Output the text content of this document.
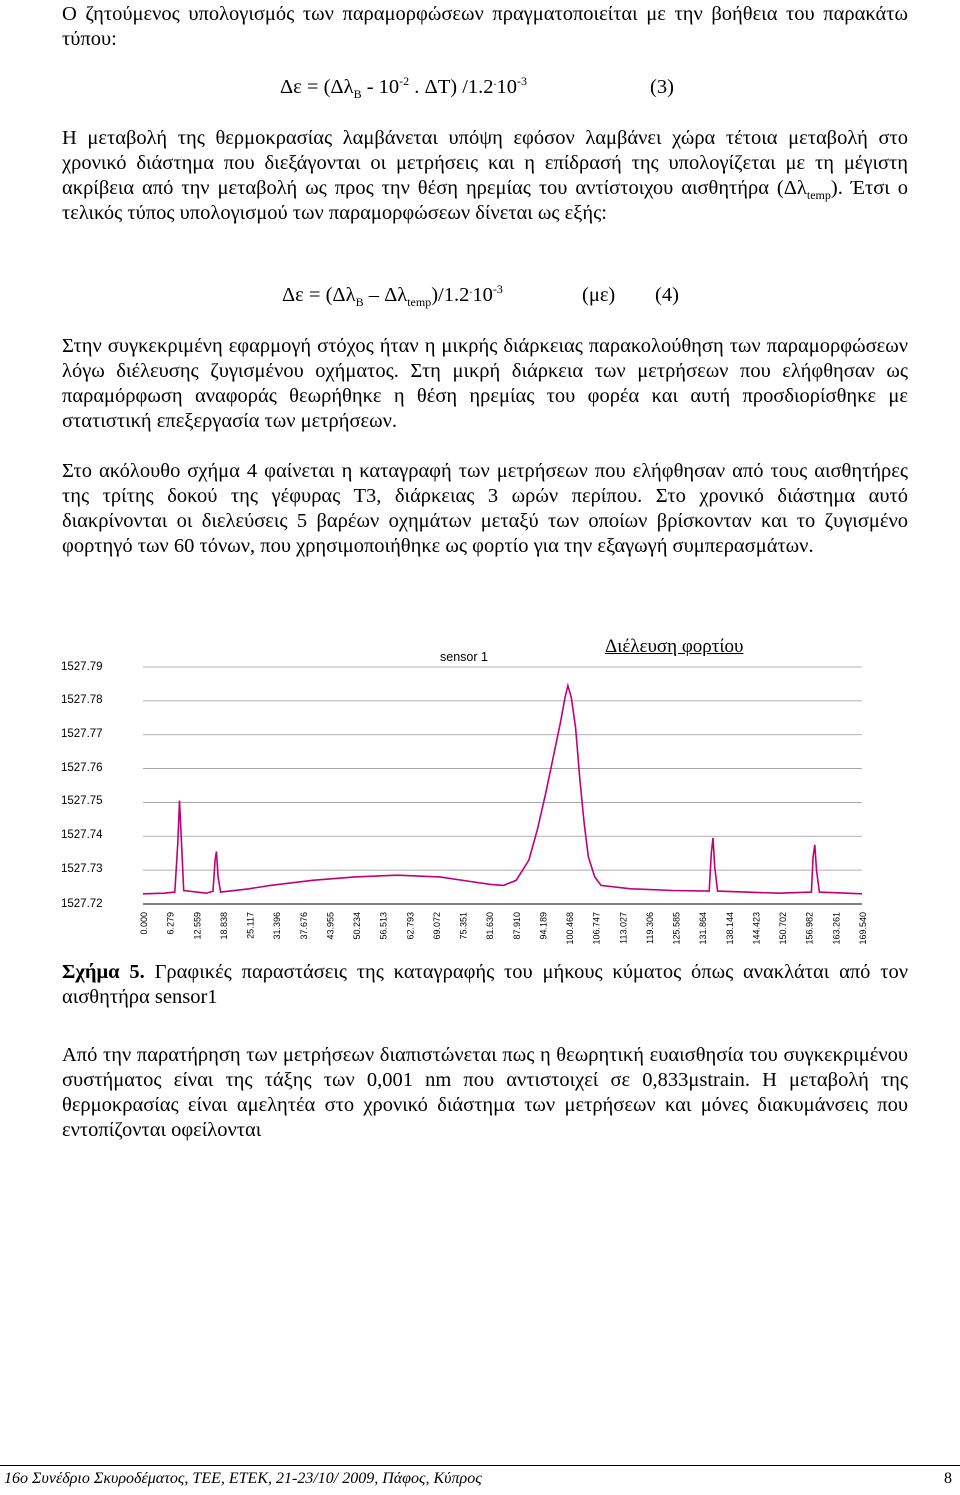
Ο ζητούμενος υπολογισμός των παραμορφώσεων πραγματοποιείται με την βοήθεια του παρακάτω τύπου:

$\Delta\varepsilon = (\Delta\lambda_B - 10^{-2}$ . ΔT) $/1.2^.10^{-3}$	(3)

Η μεταβολή της θερμοκρασίας λαμβάνεται υπόψη εφόσον λαμβάνει χώρα τέτοια μεταβολή στο χρονικό διάστημα που διεξάγονται οι μετρήσεις και η επίδρασή της υπολογίζεται με τη μέγιστη ακρίβεια από την μεταβολή ως προς την θέση ηρεμίας του αντίστοιχου αισθητήρα $(\Delta\lambda_{temp})$. Έτσι ο τελικός τύπος υπολογισμού των παραμορφώσεων δίνεται ως εξής:

$\Delta\varepsilon = (\Delta\lambda_B - \Delta\lambda_{temp})/1.2^.10^{-3}$	(με) (4)

Στην συγκεκριμένη εφαρμογή στόχος ήταν η μικρής διάρκειας παρακολούθηση των παραμορφώσεων λόγω διέλευσης ζυγισμένου οχήματος. Στη μικρή διάρκεια των μετρήσεων που ελήφθησαν ως παραμόρφωση αναφοράς θεωρήθηκε η θέση ηρεμίας του φορέα και αυτή προσδιορίσθηκε με στατιστική επεξεργασία των μετρήσεων.

Στο ακόλουθο σχήμα 4 φαίνεται η καταγραφή των μετρήσεων που ελήφθησαν από τους αισθητήρες της τρίτης δοκού της γέφυρας Τ3, διάρκειας 3 ωρών περίπου. Στο χρονικό διάστημα αυτό διακρίνονται οι διελεύσεις 5 βαρέων οχημάτων μεταξύ των οποίων βρίσκονταν και το ζυγισμένο φορτηγό των 60 τόνων, που χρησιμοποιήθηκε ως φορτίο για την εξαγωγή συμπερασμάτων.

1527.79
1527.78
1527.77
1527.76
1527.75
1527.74
1527.73
1527.72
sensor 1	Διέλευση φορτίου
0.000 6.279 12.559 18.838 25.117 31.396 37.676 43.955 50.234 56.513 62.793 69.072 75.351 81.630 87.910 94.189 100.468 106.747 113.027 119.306 125.585 131.864 138.144 144.423 150.702 156.982 163.261 169.540
Σχήμα 5. Γραφικές παραστάσεις της καταγραφής του μήκους κύματος όπως ανακλάται από τον αισθητήρα sensor1

Από την παρατήρηση των μετρήσεων διαπιστώνεται πως η θεωρητική ευαισθησία του συγκεκριμένου συστήματος είναι της τάξης των 0,001 nm που αντιστοιχεί σε 0,833μstrain. Η μεταβολή της θερμοκρασίας είναι αμελητέα στο χρονικό διάστημα των μετρήσεων και μόνες διακυμάνσεις που εντοπίζονται οφείλονται

16ο Συνέδριο Σκυροδέματος, ΤΕΕ, ΕΤΕΚ, 21-23/10/ 2009, Πάφος, Κύπρος	8
